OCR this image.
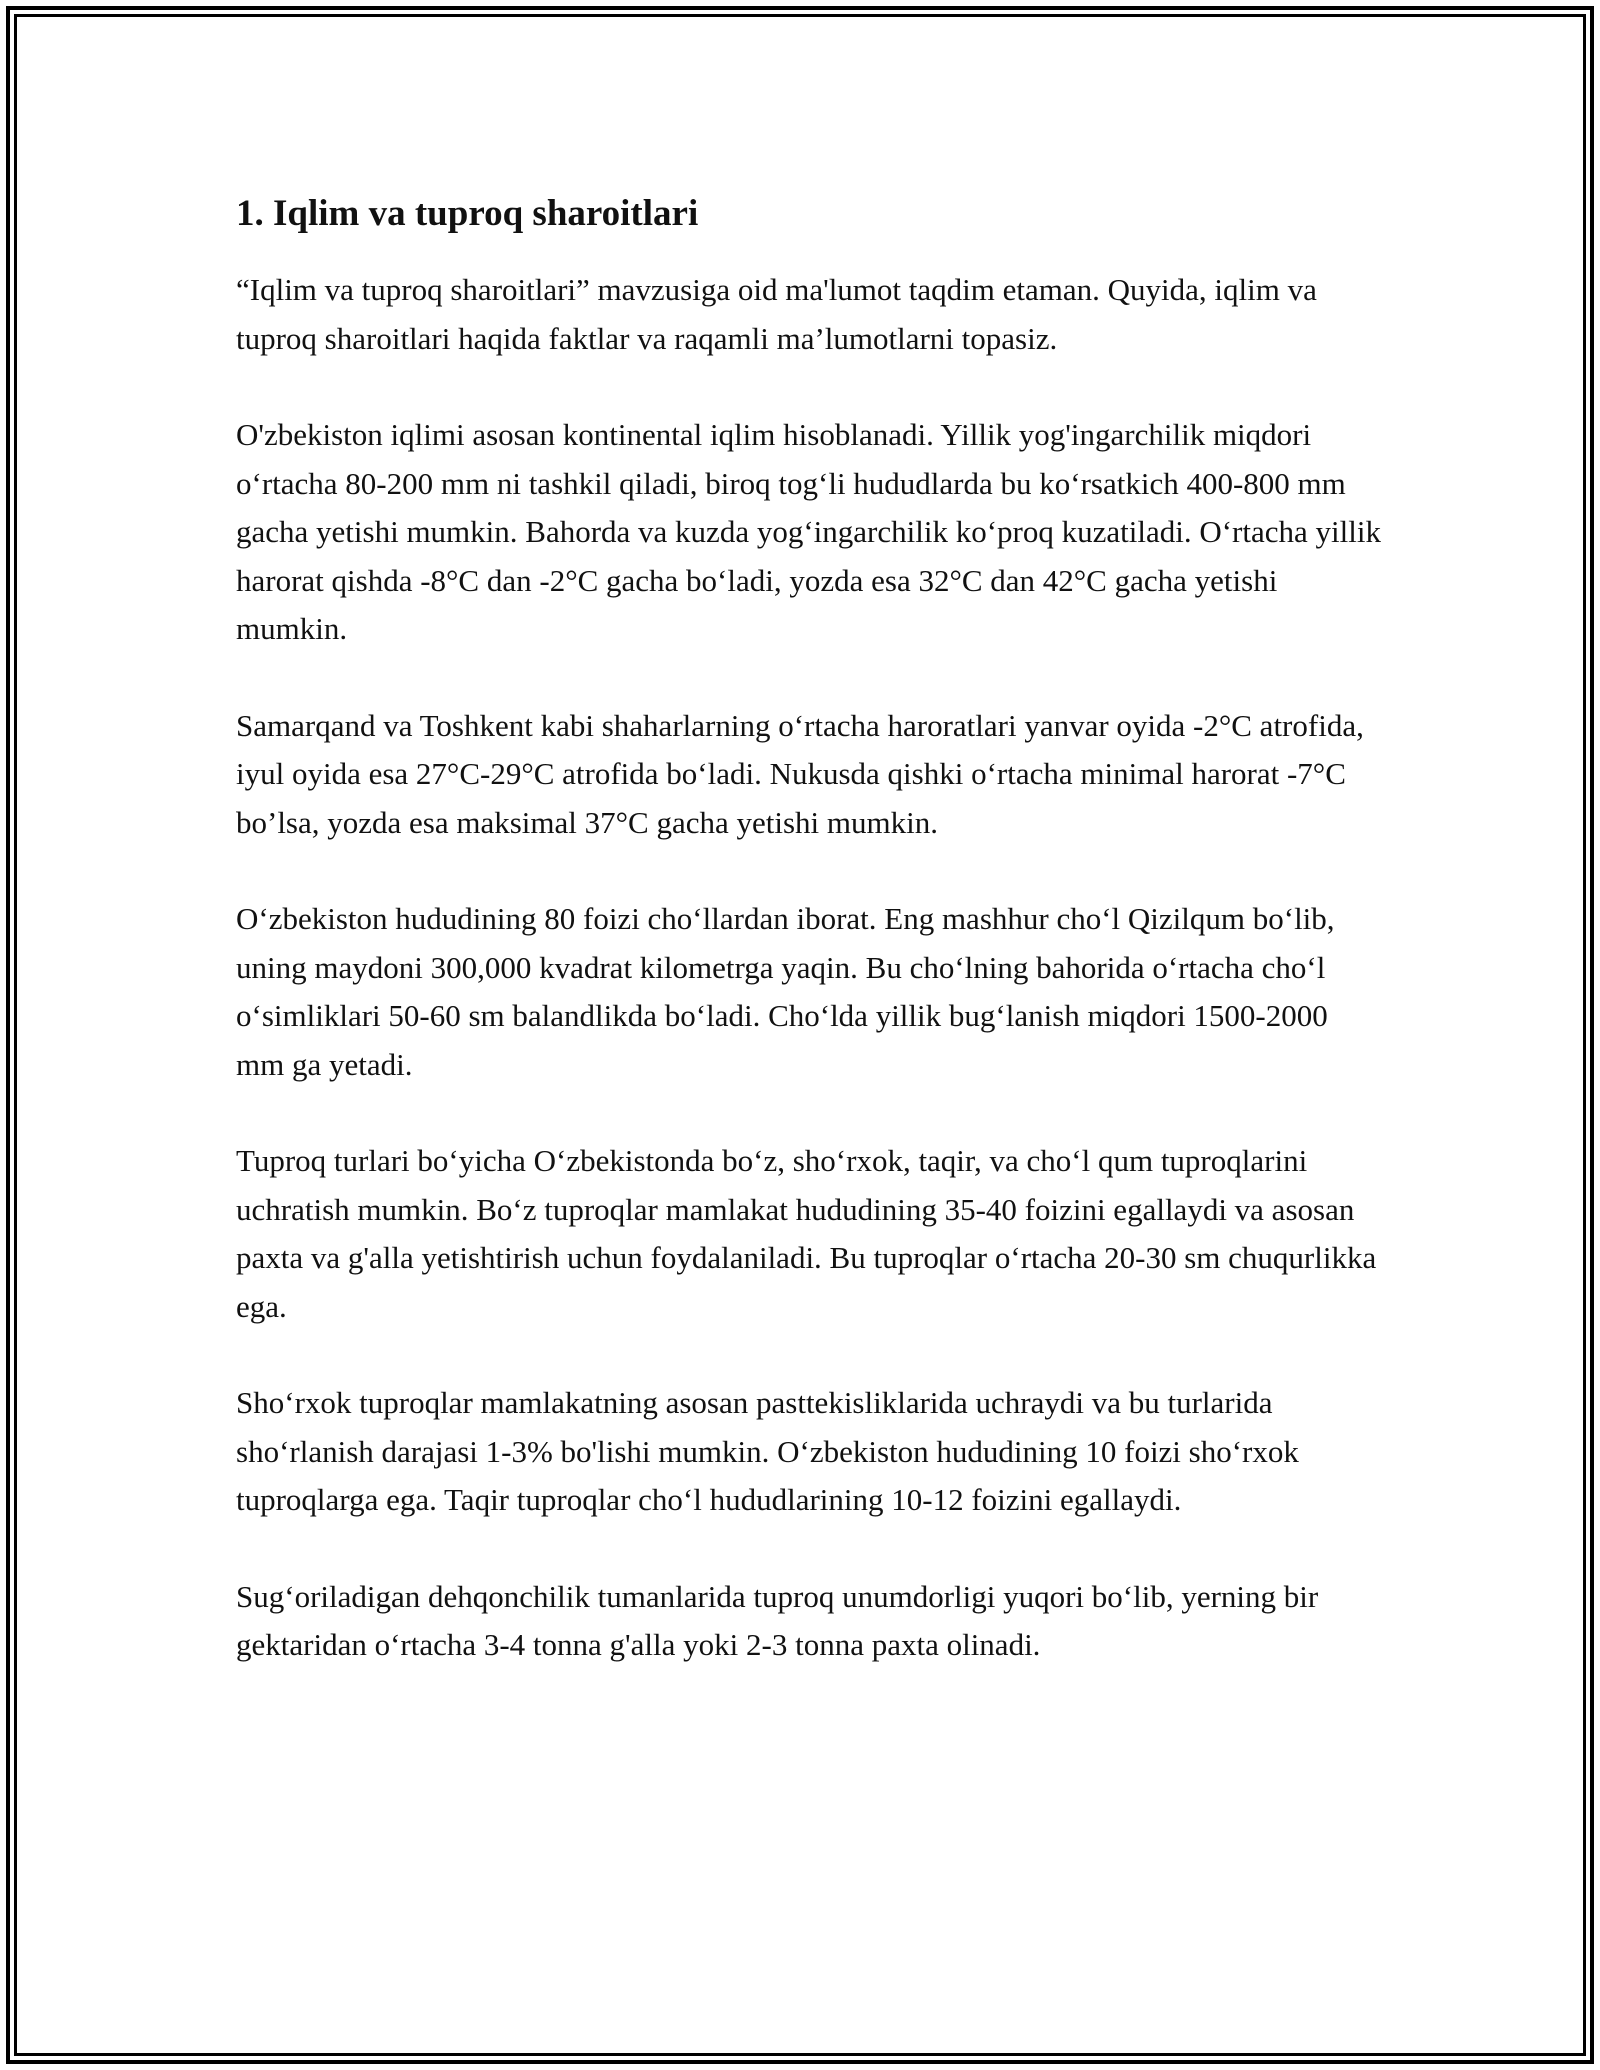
1. Iqlim va tuproq sharoitlari

“Iqlim va tuproq sharoitlari” mavzusiga oid ma'lumot taqdim etaman. Quyida, iqlim va tuproq sharoitlari haqida faktlar va raqamli ma’lumotlarni topasiz.

O'zbekiston iqlimi asosan kontinental iqlim hisoblanadi. Yillik yog'ingarchilik miqdori o‘rtacha 80-200 mm ni tashkil qiladi, biroq tog‘li hududlarda bu ko‘rsatkich 400-800 mm gacha yetishi mumkin. Bahorda va kuzda yog‘ingarchilik ko‘proq kuzatiladi. O‘rtacha yillik harorat qishda -8°C dan -2°C gacha bo‘ladi, yozda esa 32°C dan 42°C gacha yetishi mumkin.

Samarqand va Toshkent kabi shaharlarning o‘rtacha haroratlari yanvar oyida -2°C atrofida, iyul oyida esa 27°C-29°C atrofida bo‘ladi. Nukusda qishki o‘rtacha minimal harorat -7°C bo’lsa, yozda esa maksimal 37°C gacha yetishi mumkin.

O‘zbekiston hududining 80 foizi cho‘llardan iborat. Eng mashhur cho‘l Qizilqum bo‘lib, uning maydoni 300,000 kvadrat kilometrga yaqin. Bu cho‘lning bahorida o‘rtacha cho‘l o‘simliklari 50-60 sm balandlikda bo‘ladi. Cho‘lda yillik bug‘lanish miqdori 1500-2000 mm ga yetadi.

Tuproq turlari bo‘yicha O‘zbekistonda bo‘z, sho‘rxok, taqir, va cho‘l qum tuproqlarini uchratish mumkin. Bo‘z tuproqlar mamlakat hududining 35-40 foizini egallaydi va asosan paxta va g'alla yetishtirish uchun foydalaniladi. Bu tuproqlar o‘rtacha 20-30 sm chuqurlikka ega.

Sho‘rxok tuproqlar mamlakatning asosan pasttekisliklarida uchraydi va bu turlarida sho‘rlanish darajasi 1-3% bo'lishi mumkin. O‘zbekiston hududining 10 foizi sho‘rxok tuproqlarga ega. Taqir tuproqlar cho‘l hududlarining 10-12 foizini egallaydi.

Sug‘oriladigan dehqonchilik tumanlarida tuproq unumdorligi yuqori bo‘lib, yerning bir gektaridan o‘rtacha 3-4 tonna g'alla yoki 2-3 tonna paxta olinadi.
